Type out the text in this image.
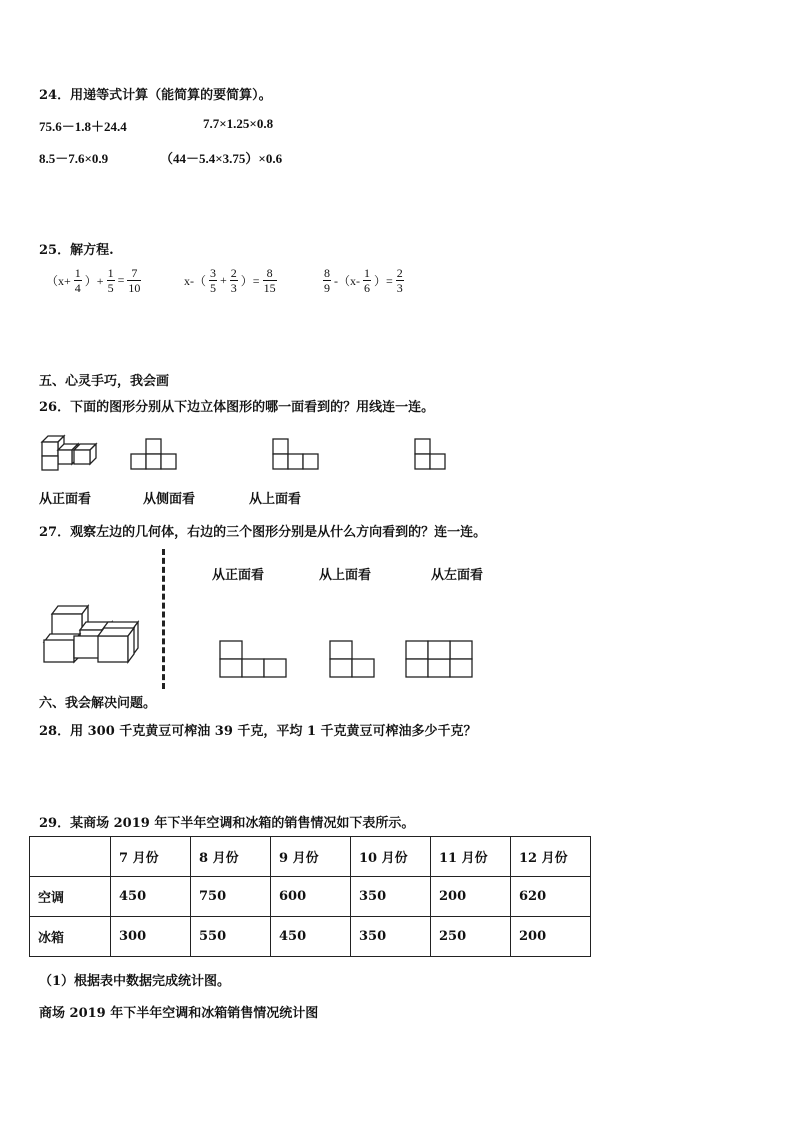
24．用递等式计算（能简算的要简算）。
75.6－1.8＋24.4	7.7×1.25×0.8
8.5－7.6×0.9	（44－5.4×3.75）×0.6
25．解方程.
（$x+ \frac{1}{4}$ ）+ $\frac{1}{5} = \frac{7}{10}$	$x-( \frac{3}{5} + \frac{2}{3}$ ）= $\frac{8}{15}$	$\frac{8}{9} -(x- \frac{1}{6}$ ）= $\frac{2}{3}$
五、心灵手巧，我会画
26．下面的图形分别从下边立体图形的哪一面看到的？用线连一连。
从正面看	从侧面看	从上面看
27．观察左边的几何体，右边的三个图形分别是从什么方向看到的？连一连。
从正面看	从上面看	从左面看
六、我会解决问题。
28．用 300 千克黄豆可榨油 39 千克，平均 1 千克黄豆可榨油多少千克？
29．某商场 2019 年下半年空调和冰箱的销售情况如下表所示。
	7 月份	8 月份	9 月份	10 月份	11 月份	12 月份
空调	450	750	600	350	200	620
冰箱	300	550	450	350	250	200
（1）根据表中数据完成统计图。
商场 2019 年下半年空调和冰箱销售情况统计图
